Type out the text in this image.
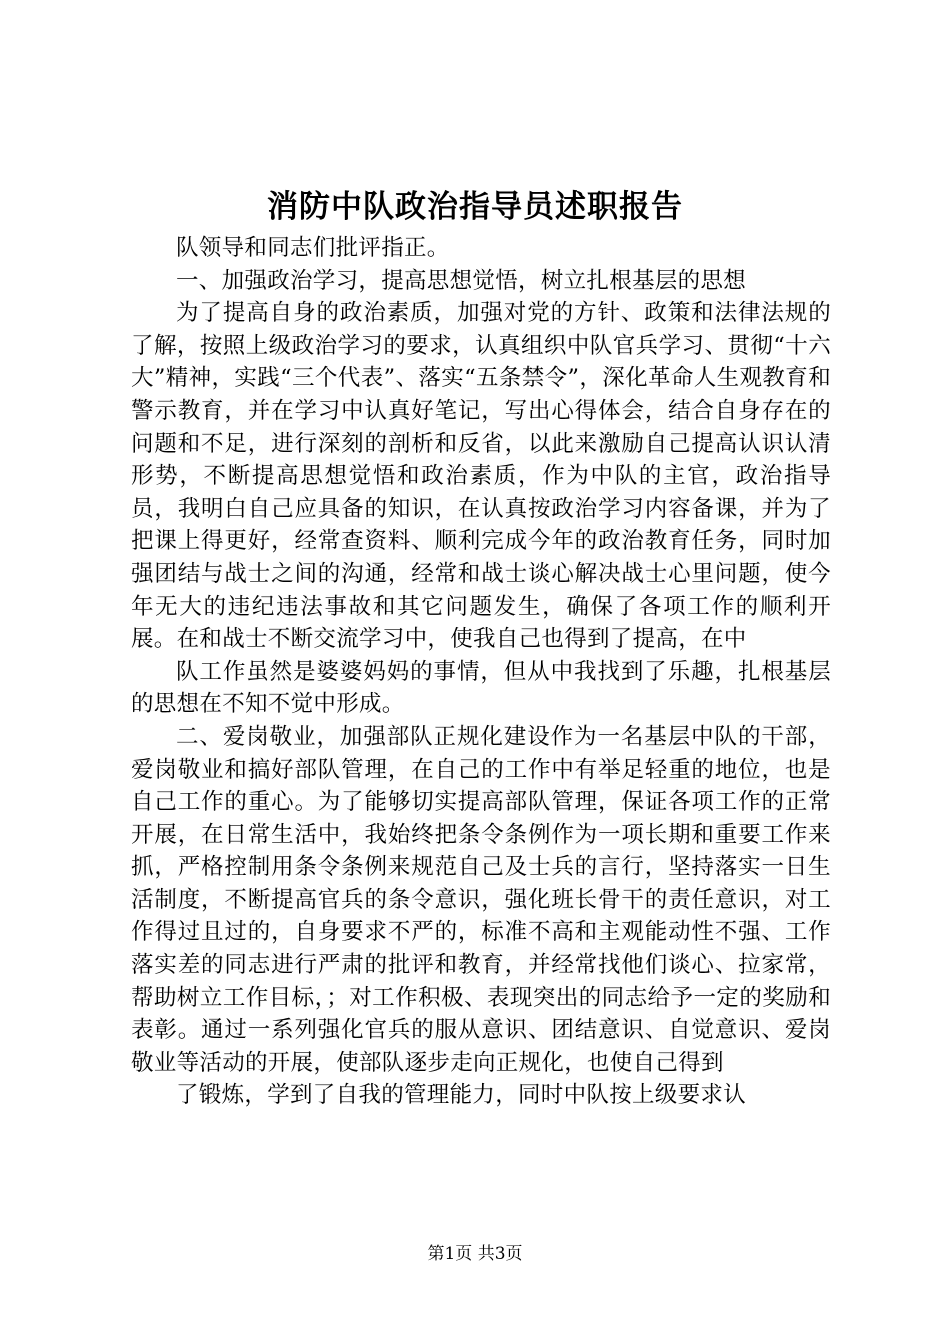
消防中队政治指导员述职报告

队领导和同志们批评指正。

一、加强政治学习，提高思想觉悟，树立扎根基层的思想

为了提高自身的政治素质，加强对党的方针、政策和法律法规的了解，按照上级政治学习的要求，认真组织中队官兵学习、贯彻“十六大”精神，实践“三个代表”、落实“五条禁令”，深化革命人生观教育和警示教育，并在学习中认真好笔记，写出心得体会，结合自身存在的问题和不足，进行深刻的剖析和反省，以此来激励自己提高认识认清形势，不断提高思想觉悟和政治素质，作为中队的主官，政治指导员，我明白自己应具备的知识，在认真按政治学习内容备课，并为了把课上得更好，经常查资料、顺利完成今年的政治教育任务，同时加强团结与战士之间的沟通，经常和战士谈心解决战士心里问题，使今年无大的违纪违法事故和其它问题发生，确保了各项工作的顺利开展。在和战士不断交流学习中，使我自己也得到了提高，在中

队工作虽然是婆婆妈妈的事情，但从中我找到了乐趣，扎根基层的思想在不知不觉中形成。

二、爱岗敬业，加强部队正规化建设作为一名基层中队的干部，爱岗敬业和搞好部队管理，在自己的工作中有举足轻重的地位，也是自己工作的重心。为了能够切实提高部队管理，保证各项工作的正常开展，在日常生活中，我始终把条令条例作为一项长期和重要工作来抓，严格控制用条令条例来规范自己及士兵的言行，坚持落实一日生活制度，不断提高官兵的条令意识，强化班长骨干的责任意识，对工作得过且过的，自身要求不严的，标准不高和主观能动性不强、工作落实差的同志进行严肃的批评和教育，并经常找他们谈心、拉家常，帮助树立工作目标，；对工作积极、表现突出的同志给予一定的奖励和表彰。通过一系列强化官兵的服从意识、团结意识、自觉意识、爱岗敬业等活动的开展，使部队逐步走向正规化，也使自己得到

了锻炼，学到了自我的管理能力，同时中队按上级要求认

第1页 共3页
